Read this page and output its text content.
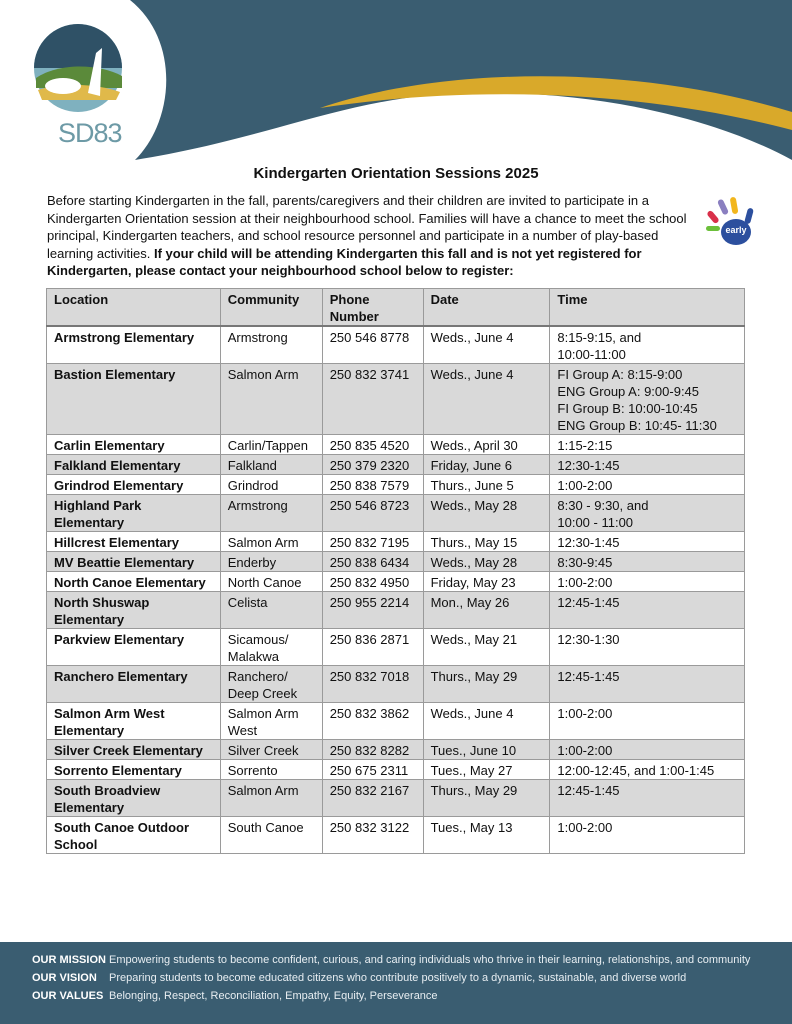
SD83
Kindergarten Orientation Sessions 2025

Before starting Kindergarten in the fall, parents/caregivers and their children are invited to participate in a Kindergarten Orientation session at their neighbourhood school. Families will have a chance to meet the school principal, Kindergarten teachers, and school resource personnel and participate in a number of play-based learning activities. If your child will be attending Kindergarten this fall and is not yet registered for Kindergarten, please contact your neighbourhood school below to register:

early
Location	Community	Phone Number	Date	Time
Armstrong Elementary	Armstrong	250 546 8778	Weds., June 4	8:15-9:15, and
10:00-11:00
Bastion Elementary	Salmon Arm	250 832 3741	Weds., June 4	FI Group A: 8:15-9:00
ENG Group A: 9:00-9:45
FI Group B: 10:00-10:45
ENG Group B: 10:45- 11:30
Carlin Elementary	Carlin/Tappen	250 835 4520	Weds., April 30	1:15-2:15
Falkland Elementary	Falkland	250 379 2320	Friday, June 6	12:30-1:45
Grindrod Elementary	Grindrod	250 838 7579	Thurs., June 5	1:00-2:00
Highland Park Elementary	Armstrong	250 546 8723	Weds., May 28	8:30 - 9:30, and
10:00 - 11:00
Hillcrest Elementary	Salmon Arm	250 832 7195	Thurs., May 15	12:30-1:45
MV Beattie Elementary	Enderby	250 838 6434	Weds., May 28	8:30-9:45
North Canoe Elementary	North Canoe	250 832 4950	Friday, May 23	1:00-2:00
North Shuswap Elementary	Celista	250 955 2214	Mon., May 26	12:45-1:45
Parkview Elementary	Sicamous/
Malakwa	250 836 2871	Weds., May 21	12:30-1:30
Ranchero Elementary	Ranchero/
Deep Creek	250 832 7018	Thurs., May 29	12:45-1:45
Salmon Arm West Elementary	Salmon Arm
West	250 832 3862	Weds., June 4	1:00-2:00
Silver Creek Elementary	Silver Creek	250 832 8282	Tues., June 10	1:00-2:00
Sorrento Elementary	Sorrento	250 675 2311	Tues., May 27	12:00-12:45, and 1:00-1:45
South Broadview Elementary	Salmon Arm	250 832 2167	Thurs., May 29	12:45-1:45
South Canoe Outdoor School	South Canoe	250 832 3122	Tues., May 13	1:00-2:00
OUR MISSION Empowering students to become confident, curious, and caring individuals who thrive in their learning, relationships, and community
OUR VISION	Preparing students to become educated citizens who contribute positively to a dynamic, sustainable, and diverse world
OUR VALUES Belonging, Respect, Reconciliation, Empathy, Equity, Perseverance
